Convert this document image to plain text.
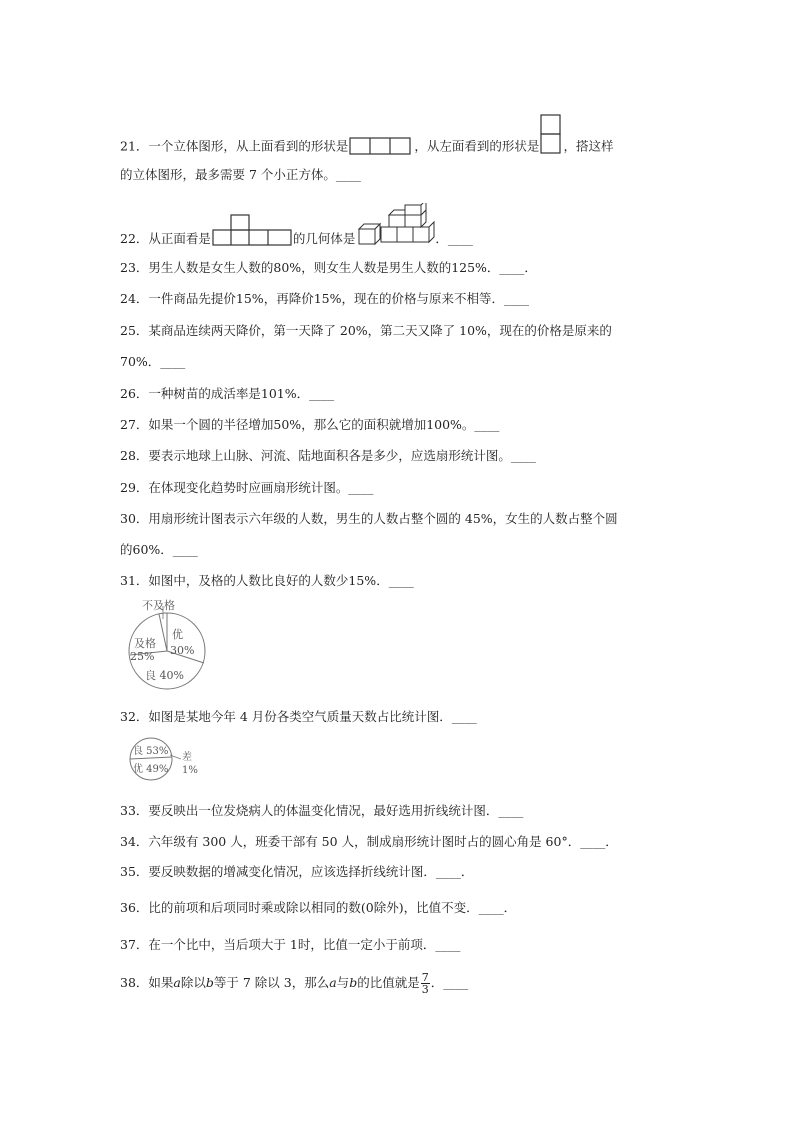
21．一个立体图形，从上面看到的形状是	，从左面看到的形状是 ，搭这样
的立体图形，最多需要 7 个小正方体。____
22．从正面看是	的几何体是	．____
23．男生人数是女生人数的80%，则女生人数是男生人数的125%．____．
24．一件商品先提价15%，再降价15%，现在的价格与原来不相等．____
25．某商品连续两天降价，第一天降了 20%，第二天又降了 10%，现在的价格是原来的
70%．____
26．一种树苗的成活率是101%．____
27．如果一个圆的半径增加50%，那么它的面积就增加100%。____
28．要表示地球上山脉、河流、陆地面积各是多少，应选扇形统计图。____
29．在体现变化趋势时应画扇形统计图。____
30．用扇形统计图表示六年级的人数，男生的人数占整个圆的 45%，女生的人数占整个圆
的60%．____
31．如图中，及格的人数比良好的人数少15%．____
不及格
及格
25%
优
30%
良 40%
32．如图是某地今年 4 月份各类空气质量天数占比统计图．____
良 53%
优 49%
差
1%
33．要反映出一位发烧病人的体温变化情况，最好选用折线统计图．____
34．六年级有 300 人，班委干部有 50 人，制成扇形统计图时占的圆心角是 60°．____．
35．要反映数据的增减变化情况，应该选择折线统计图．____．
36．比的前项和后项同时乘或除以相同的数(0除外)，比值不变．____．
37．在一个比中，当后项大于 1时，比值一定小于前项．____
38．如果a除以b等于 7 除以 3，那么a与b的比值就是 $\frac{7}{3}$ ．____
